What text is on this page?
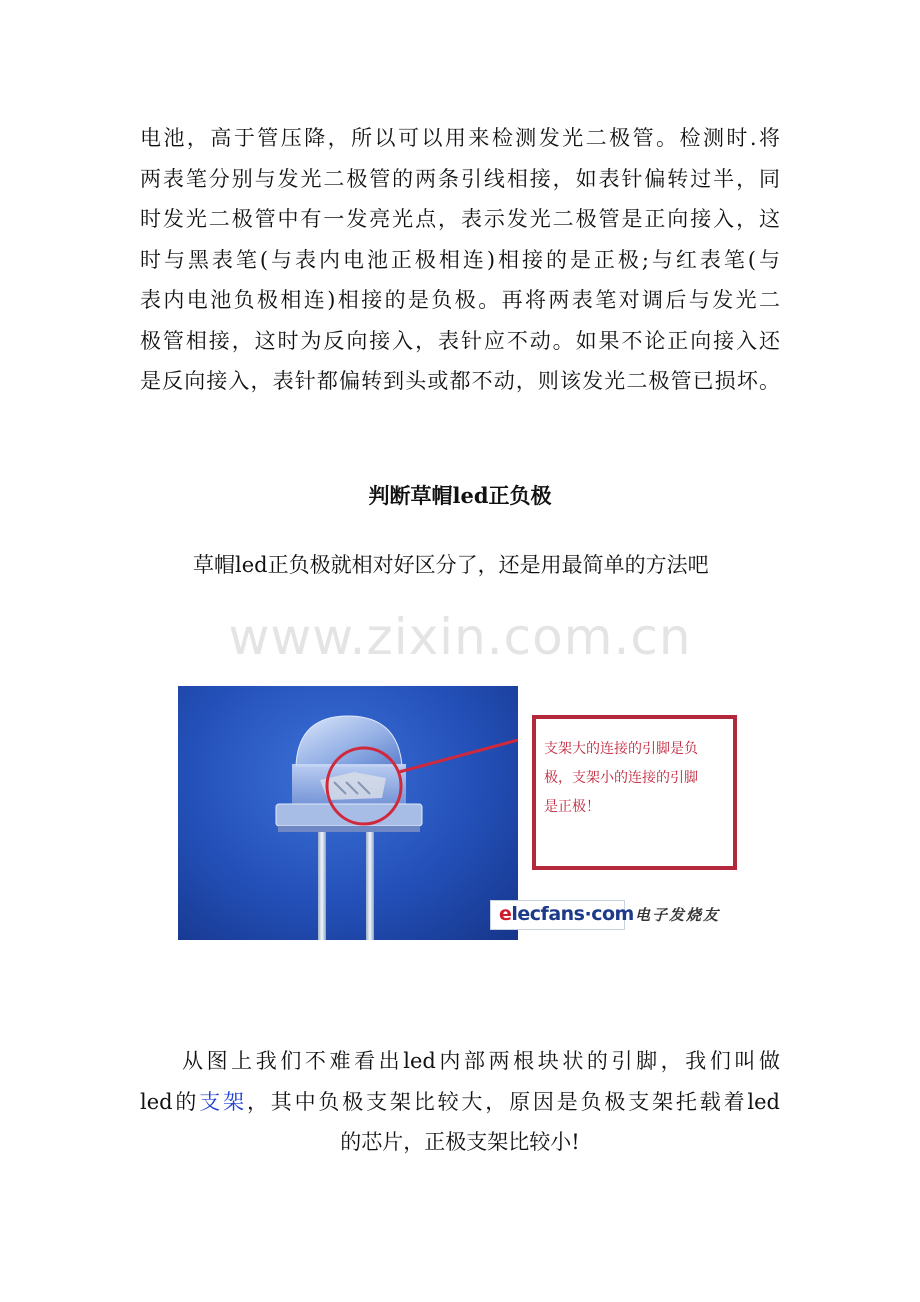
电池，高于管压降，所以可以用来检测发光二极管。检测时.将
两表笔分别与发光二极管的两条引线相接，如表针偏转过半，同
时发光二极管中有一发亮光点，表示发光二极管是正向接入，这
时与黑表笔(与表内电池正极相连)相接的是正极;与红表笔(与
表内电池负极相连)相接的是负极。再将两表笔对调后与发光二
极管相接，这时为反向接入，表针应不动。如果不论正向接入还
是反向接入，表针都偏转到头或都不动，则该发光二极管已损坏。
判断草帽led正负极
草帽led正负极就相对好区分了，还是用最简单的方法吧
www.zixin.com.cn
支架大的连接的引脚是负
极，支架小的连接的引脚
是正极！
elecfans·com 电子发烧友
从图上我们不难看出led内部两根块状的引脚，我们叫做
led的支架，其中负极支架比较大，原因是负极支架托载着led
的芯片，正极支架比较小!
